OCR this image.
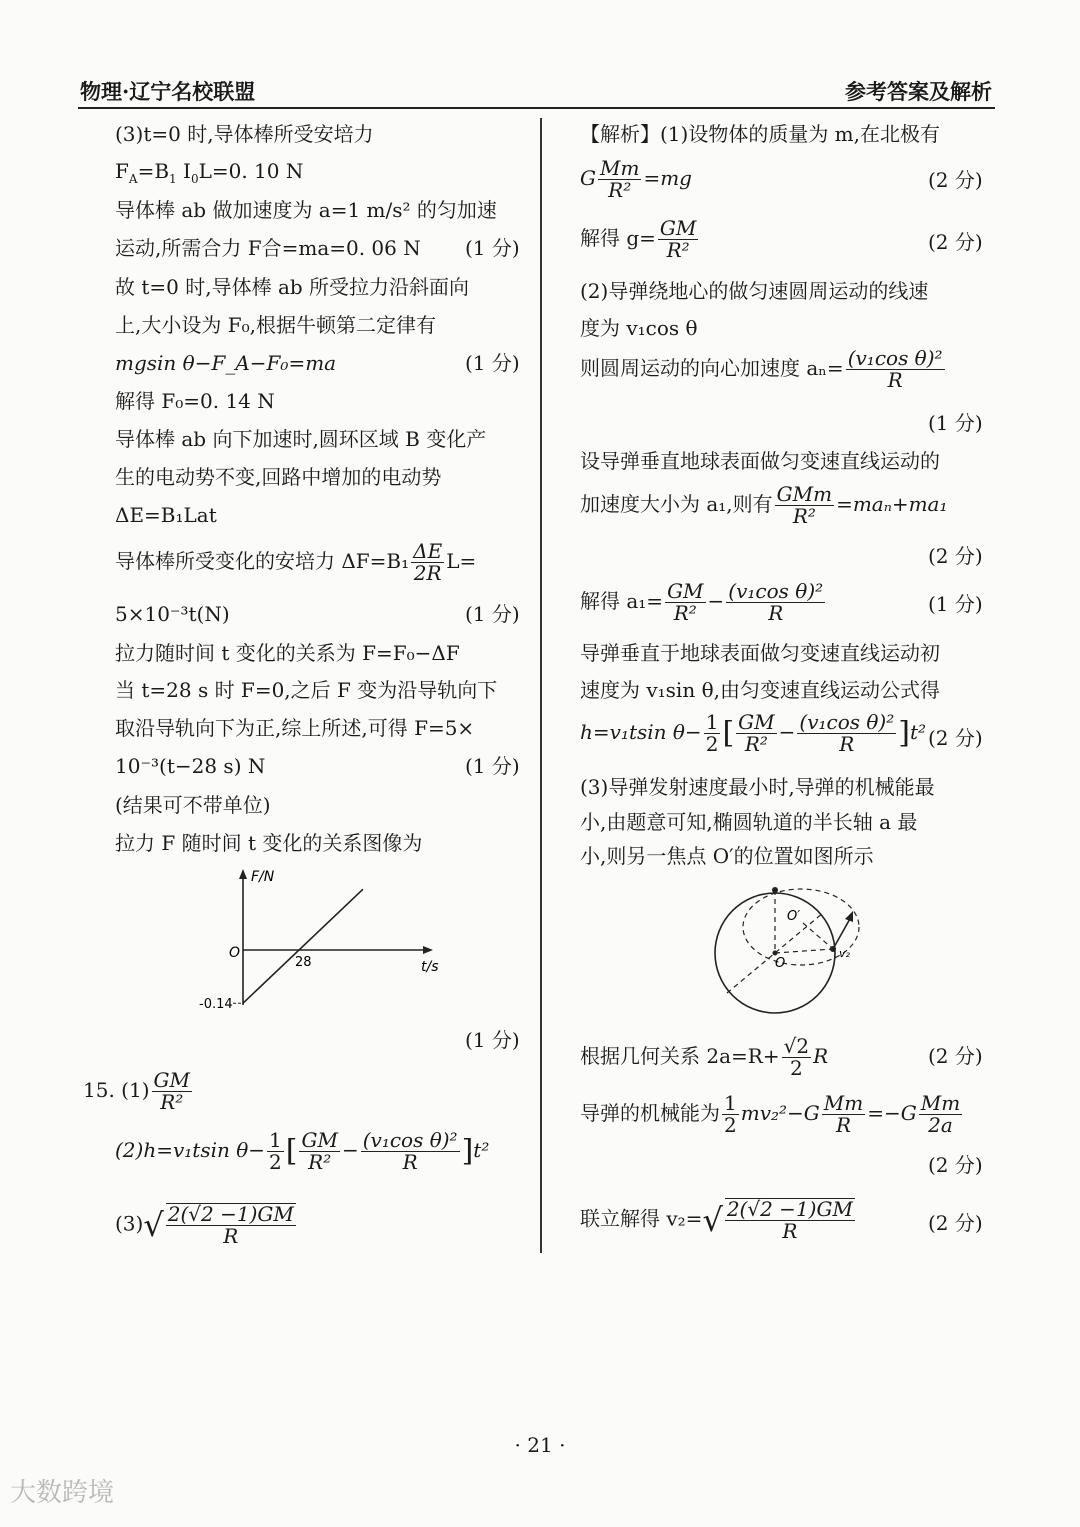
物理·辽宁名校联盟	参考答案及解析
(3)t=0 时,导体棒所受安培力
$F_A=B_1$ $I_0L=0$. 10 N
导体棒 ab 做加速度为 a=1 m/s² 的匀加速
运动,所需合力 F合=ma=0. 06 N (1 分)
故 t=0 时,导体棒 ab 所受拉力沿斜面向
上,大小设为 F₀,根据牛顿第二定律有
mgsin θ−F_A−F₀=ma	(1 分)
解得 F₀=0. 14 N
导体棒 ab 向下加速时,圆环区域 B 变化产
生的电动势不变,回路中增加的电动势
ΔE=B₁Lat
导体棒所受变化的安培力 $\Delta F=B_1 \frac{\Delta E}{2R} L=$
5×10⁻³t(N)	(1 分)
拉力随时间 t 变化的关系为 F=F₀−ΔF
当 t=28 s 时 F=0,之后 F 变为沿导轨向下
取沿导轨向下为正,综上所述,可得 F=5×
10⁻³(t−28 s) N	(1 分)
(结果可不带单位)
拉力 F 随时间 t 变化的关系图像为
F/N
t/s
O
28
-0.14
(1 分)
15. $(1) \frac{GM}{\text{R²}}$
(2)h=v₁tsin $\theta- \frac{1}{2}$ [ $\frac{GM}{\text{R²}} - \frac{\text{(v₁cos θ)²}}{R} ]t^2$
$(3)√ \frac{2(√2 -1)GM}{R}$
【解析】(1)设物体的质量为 m,在北极有
G $\frac{Mm}{\text{R²}} =mg$	(2 分)
解得 $g= \frac{GM}{\text{R²}}$	(2 分)
(2)导弹绕地心的做匀速圆周运动的线速
度为 v₁cos θ
则圆周运动的向心加速度 $a_n= \frac{\text{(v₁cos θ)²}}{R}$
(1 分)
设导弹垂直地球表面做匀变速直线运动的
加速度大小为 a₁,则有 GMm
R²	=maₙ+ma₁
(2 分)
解得 $a_1= \frac{GM}{\text{R²}} - \frac{\text{(v₁cos θ)²}}{R}$	(1 分)
导弹垂直于地球表面做匀变速直线运动初
速度为 v₁sin θ,由匀变速直线运动公式得
h=v₁tsin $\theta- \frac{1}{2}$ [ $\frac{GM}{\text{R²}} - \frac{\text{(v₁cos θ)²}}{R} ]t^2$ (2 分)
(3)导弹发射速度最小时,导弹的机械能最
小,由题意可知,椭圆轨道的半长轴 a 最
小,则另一焦点 O′的位置如图所示
O
O′
v₂
根据几何关系 $2a=R+ \frac{√2}{2}$ R	(2 分)
导弹的机械能为 $\frac{1}{2} mv_2^2-G \frac{Mm}{R} =-G \frac{Mm}{2a}$
(2 分)
联立解得 $v_2=√ \frac{2(√2 -1)GM}{R}$	(2 分)
· 21 ·
大数跨境
